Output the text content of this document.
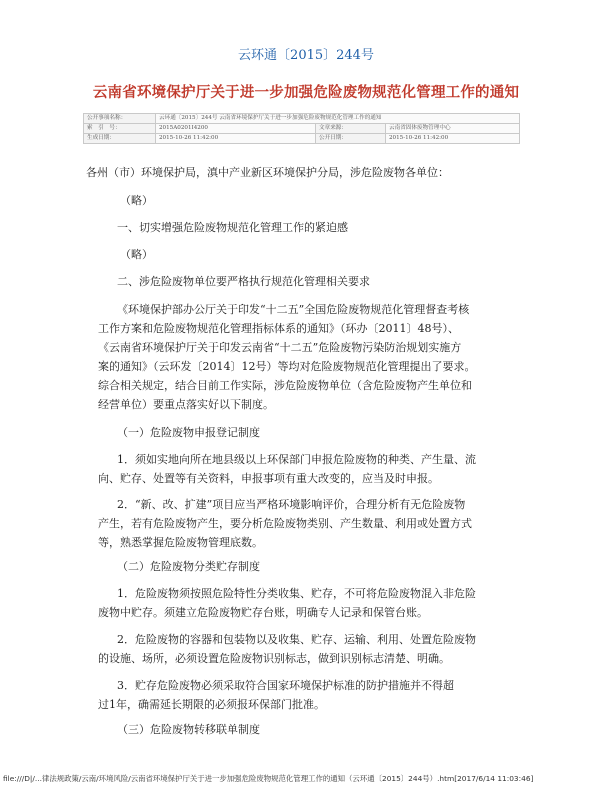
云环通〔2015〕244号
云南省环境保护厅关于进一步加强危险废物规范化管理工作的通知
公开事项名称：	云环通〔2015〕244号 云南省环境保护厅关于进一步加强危险废物规范化管理工作的通知		
索　引　号：	2015A0201I4200	文章来源：	云南省固体废物管理中心
生成日期：	2015-10-26 11:42:00	公开日期：	2015-10-26 11:42:00
各州（市）环境保护局，滇中产业新区环境保护分局，涉危险废物各单位：
（略）
一、切实增强危险废物规范化管理工作的紧迫感
（略）
二、涉危险废物单位要严格执行规范化管理相关要求
《环境保护部办公厅关于印发“十二五”全国危险废物规范化管理督查考核
工作方案和危险废物规范化管理指标体系的通知》（环办〔2011〕48号）、
《云南省环境保护厅关于印发云南省“十二五”危险废物污染防治规划实施方
案的通知》（云环发〔2014〕12号）等均对危险废物规范化管理提出了要求。
综合相关规定，结合目前工作实际，涉危险废物单位（含危险废物产生单位和
经营单位）要重点落实好以下制度。
（一）危险废物申报登记制度
1．须如实地向所在地县级以上环保部门申报危险废物的种类、产生量、流
向、贮存、处置等有关资料，申报事项有重大改变的，应当及时申报。
2．“新、改、扩建”项目应当严格环境影响评价，合理分析有无危险废物
产生，若有危险废物产生，要分析危险废物类别、产生数量、利用或处置方式
等，熟悉掌握危险废物管理底数。
（二）危险废物分类贮存制度
1．危险废物须按照危险特性分类收集、贮存，不可将危险废物混入非危险
废物中贮存。须建立危险废物贮存台账，明确专人记录和保管台账。
2．危险废物的容器和包装物以及收集、贮存、运输、利用、处置危险废物
的设施、场所，必须设置危险废物识别标志，做到识别标志清楚、明确。
3．贮存危险废物必须采取符合国家环境保护标准的防护措施并不得超
过1年，确需延长期限的必须报环保部门批准。
（三）危险废物转移联单制度
file:///D|/...律法规政策/云南/环境风险/云南省环境保护厅关于进一步加强危险废物规范化管理工作的通知（云环通〔2015〕244号）.htm[2017/6/14 11:03:46]
